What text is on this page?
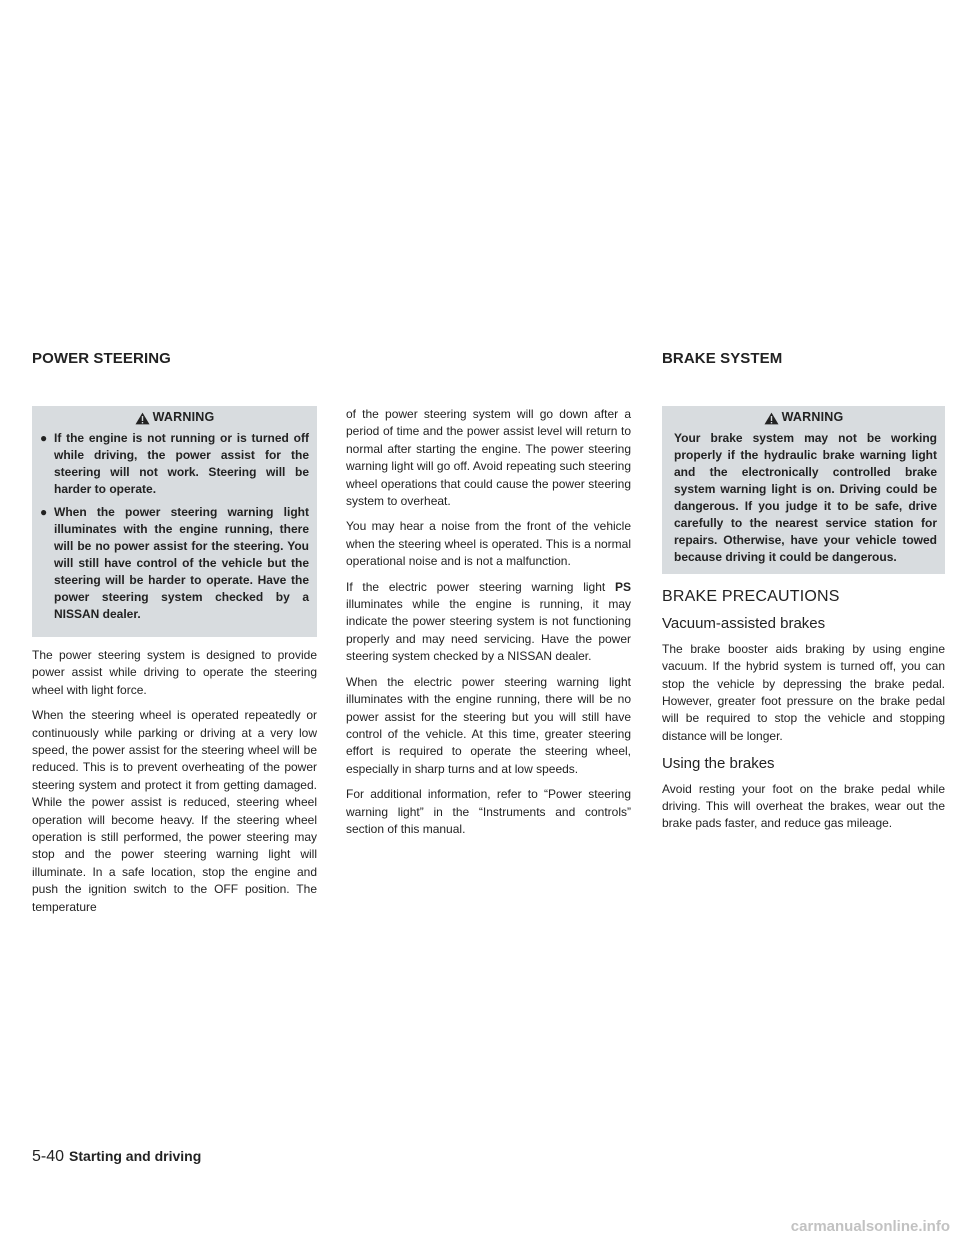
POWER STEERING	BRAKE SYSTEM
WARNING
● If the engine is not running or is turned off while driving, the power assist for the steering will not work. Steering will be harder to operate.
● When the power steering warning light illuminates with the engine running, there will be no power assist for the steering. You will still have control of the vehicle but the steering will be harder to operate. Have the power steering system checked by a NISSAN dealer.

The power steering system is designed to provide power assist while driving to operate the steering wheel with light force.

When the steering wheel is operated repeatedly or continuously while parking or driving at a very low speed, the power assist for the steering wheel will be reduced. This is to prevent overheating of the power steering system and protect it from getting damaged. While the power assist is reduced, steering wheel operation will become heavy. If the steering wheel operation is still performed, the power steering may stop and the power steering warning light will illuminate. In a safe location, stop the engine and push the ignition switch to the OFF position. The temperature

of the power steering system will go down after a period of time and the power assist level will return to normal after starting the engine. The power steering warning light will go off. Avoid repeating such steering wheel operations that could cause the power steering system to overheat.

You may hear a noise from the front of the vehicle when the steering wheel is operated. This is a normal operational noise and is not a malfunction.

If the electric power steering warning light PS illuminates while the engine is running, it may indicate the power steering system is not functioning properly and may need servicing. Have the power steering system checked by a NISSAN dealer.

When the electric power steering warning light illuminates with the engine running, there will be no power assist for the steering but you will still have control of the vehicle. At this time, greater steering effort is required to operate the steering wheel, especially in sharp turns and at low speeds.

For additional information, refer to “Power steering warning light” in the “Instruments and controls” section of this manual.

WARNING
Your brake system may not be working properly if the hydraulic brake warning light and the electronically controlled brake system warning light is on. Driving could be dangerous. If you judge it to be safe, drive carefully to the nearest service station for repairs. Otherwise, have your vehicle towed because driving it could be dangerous.
BRAKE PRECAUTIONS
Vacuum-assisted brakes

The brake booster aids braking by using engine vacuum. If the hybrid system is turned off, you can stop the vehicle by depressing the brake pedal. However, greater foot pressure on the brake pedal will be required to stop the vehicle and stopping distance will be longer.

Using the brakes

Avoid resting your foot on the brake pedal while driving. This will overheat the brakes, wear out the brake pads faster, and reduce gas mileage.

5-40 Starting and driving
carmanualsonline.info
